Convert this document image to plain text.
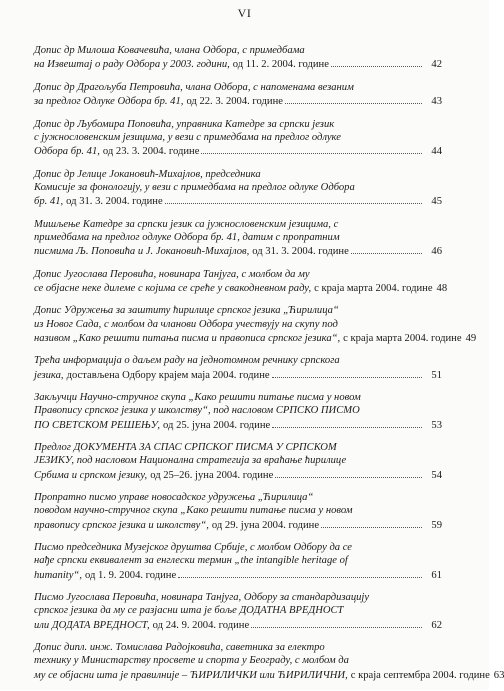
VI
Допис др Милоша Ковачевића, члана Одбора, с примедбама
на Извештај о раду Одбора у 2003. години, од 11. 2. 2004. године	42
Допис др Драгољуба Петровића, члана Одбора, с напоменама везаним
за предлог Одлуке Одбора бр. 41, од 22. 3. 2004. године	43
Допис др Љубомира Поповића, управника Катедре за српски језик
с јужнословенским језицима, у вези с примедбама на предлог одлуке
Одбора бр. 41, од 23. 3. 2004. године	44
Допис др Јелице Јокановић-Михајлов, председника
Комисије за фонологију, у вези с примедбама на предлог одлуке Одбора
бр. 41, од 31. 3. 2004. године	45
Мишљење Катедре за српски језик са јужнословенским језицима, с
примедбама на предлог одлуке Одбора бр. 41, датим с пропратним
писмима Љ. Поповића и Ј. Јокановић-Михајлов, од 31. 3. 2004. године	46
Допис Југослава Перовића, новинара Танјуга, с молбом да му
се објасне неке дилеме с којима се среће у свакодневном раду, с краја марта 2004. године 48
Допис Удружења за заштиту ћирилице српског језика „Ћирилица“
из Новог Сада, с молбом да чланови Одбора учествују на скупу под
називом „Како решити питања писма и правописа српског језика“, с краја марта 2004. године 49
Трећа информација о даљем раду на једнотомном речнику српскога
језика, достављена Одбору крајем маја 2004. године	51
Закључци Научно-стручног скупа „Како решити питање писма у новом
Правопису српског језика у школству“, под насловом СРПСКО ПИСМО
ПО СВЕТСКОМ РЕШЕЊУ, од 25. јуна 2004. године	53
Предлог ДОКУМЕНТА ЗА СПАС СРПСКОГ ПИСМА У СРПСКОМ
ЈЕЗИКУ, под насловом Национална стратегија за враћање ћирилице
Србима и српском језику, од 25–26. јуна 2004. године	54
Пропратно писмо управе новосадског удружења „Ћирилица“
поводом научно-стручног скупа „Како решити питање писма у новом
правопису српског језика и школству“, од 29. јуна 2004. године	59
Писмо председника Музејског друштва Србије, с молбом Одбору да се
нађе српски еквивалент за енглески термин „the intangible heritage of
humanity“, од 1. 9. 2004. године	61
Писмо Југослава Перовића, новинара Танјуга, Одбору за стандардизацију
српског језика да му се разјасни шта је боље ДОДАТНА ВРЕДНОСТ
или ДОДАТА ВРЕДНОСТ, од 24. 9. 2004. године	62
Допис дипл. инж. Томислава Радојковића, саветника за електро
технику у Министарству просвете и спорта у Београду, с молбом да
му се објасни шта је правилније – ЋИРИЛИЧКИ или ЋИРИЛИЧНИ, с краја септембра 2004. године 63
